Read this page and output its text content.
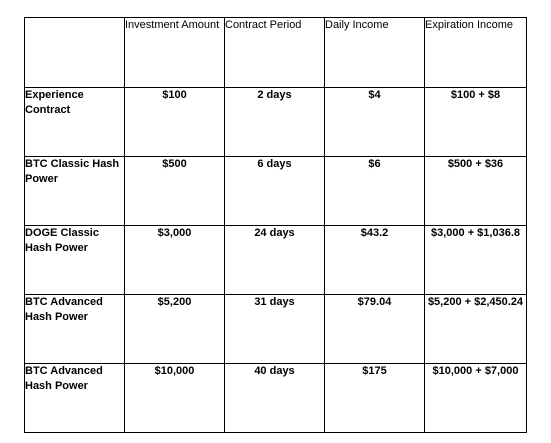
	Investment Amount	Contract Period	Daily Income	Expiration Income
Experience Contract	$100	2 days	$4	$100 + $8
BTC Classic Hash Power	$500	6 days	$6	$500 + $36
DOGE Classic Hash Power	$3,000	24 days	$43.2	$3,000 + $1,036.8
BTC Advanced Hash Power	$5,200	31 days	$79.04	$5,200 + $2,450.24
BTC Advanced Hash Power	$10,000	40 days	$175	$10,000 + $7,000
